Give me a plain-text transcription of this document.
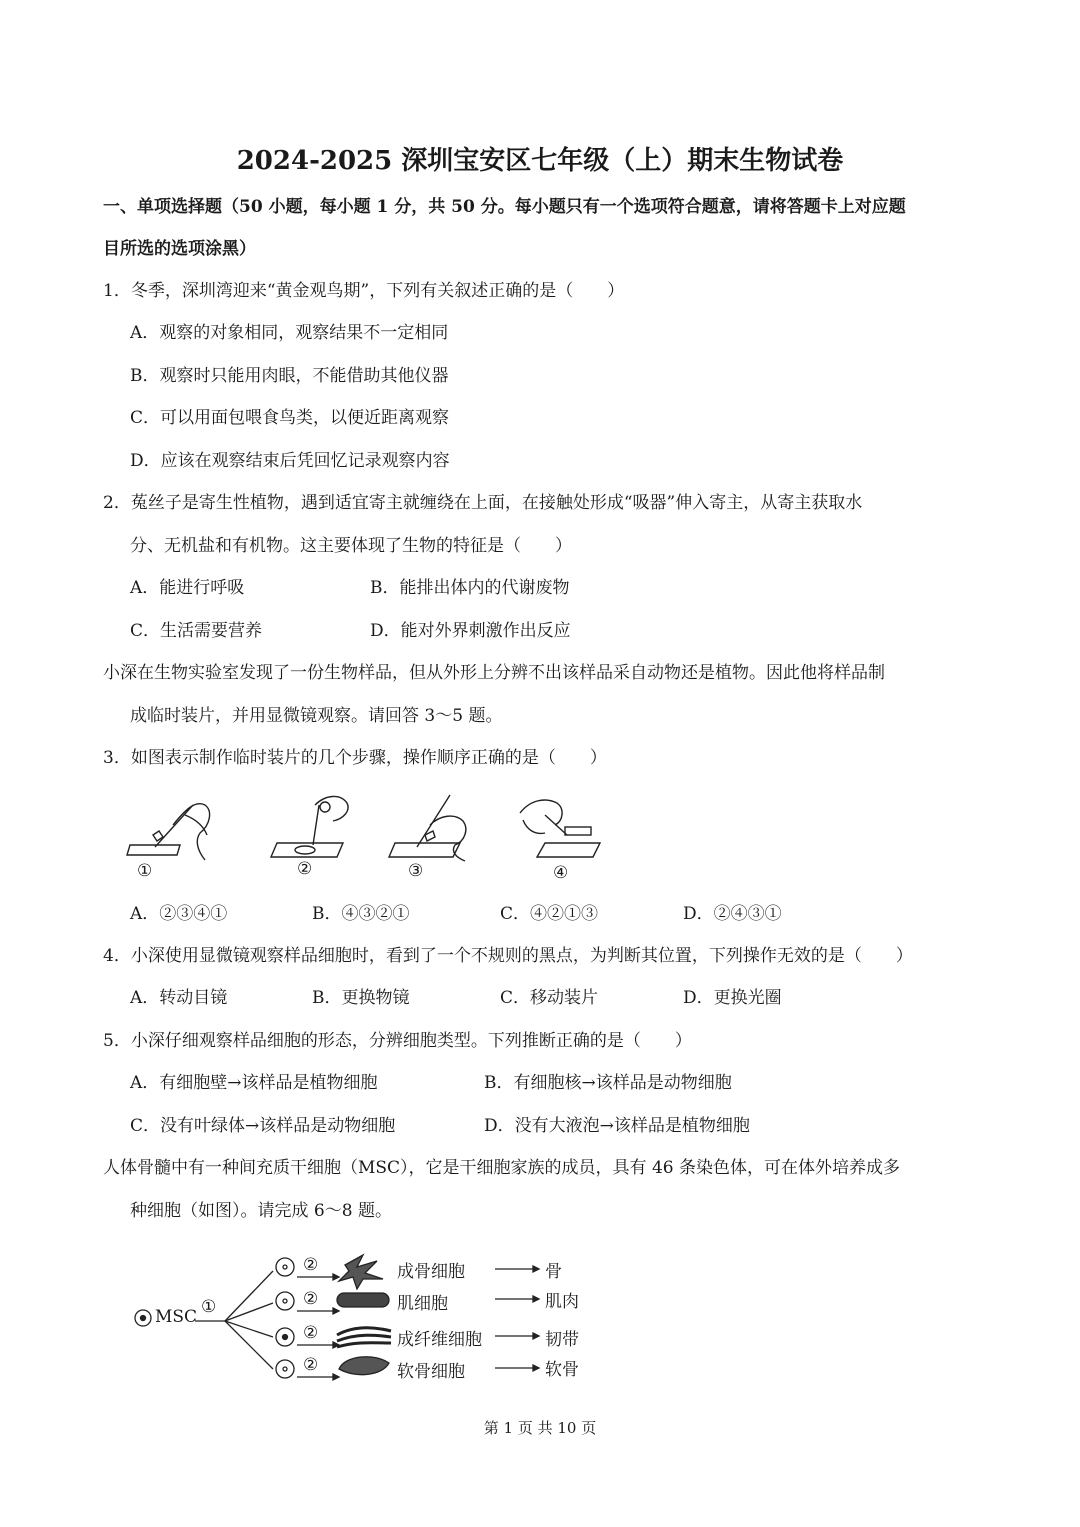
2024-2025 深圳宝安区七年级（上）期末生物试卷
一、单项选择题（50 小题，每小题 1 分，共 50 分。每小题只有一个选项符合题意，请将答题卡上对应题
目所选的选项涂黑）
1．冬季，深圳湾迎来“黄金观鸟期”，下列有关叙述正确的是（　　）
A．观察的对象相同，观察结果不一定相同
B．观察时只能用肉眼，不能借助其他仪器
C．可以用面包喂食鸟类，以便近距离观察
D．应该在观察结束后凭回忆记录观察内容
2．菟丝子是寄生性植物，遇到适宜寄主就缠绕在上面，在接触处形成“吸器”伸入寄主，从寄主获取水
分、无机盐和有机物。这主要体现了生物的特征是（　　）
A．能进行呼吸	B．能排出体内的代谢废物
C．生活需要营养	D．能对外界刺激作出反应
小深在生物实验室发现了一份生物样品，但从外形上分辨不出该样品采自动物还是植物。因此他将样品制
成临时装片，并用显微镜观察。请回答 3～5 题。
3．如图表示制作临时装片的几个步骤，操作顺序正确的是（　　）
①	②	③	④
A．②③④①	B．④③②①	C．④②①③	D．②④③①
4．小深使用显微镜观察样品细胞时，看到了一个不规则的黑点，为判断其位置，下列操作无效的是（　　）
A．转动目镜	B．更换物镜	C．移动装片	D．更换光圈
5．小深仔细观察样品细胞的形态，分辨细胞类型。下列推断正确的是（　　）
A．有细胞壁→该样品是植物细胞	B．有细胞核→该样品是动物细胞
C．没有叶绿体→该样品是动物细胞	D．没有大液泡→该样品是植物细胞
人体骨髓中有一种间充质干细胞（MSC），它是干细胞家族的成员，具有 46 条染色体，可在体外培养成多
种细胞（如图）。请完成 6～8 题。
MSC ①
②
②
②
②
成骨细胞
肌细胞
成纤维细胞
软骨细胞
骨
肌肉
韧带
软骨
第 1 页 共 10 页
